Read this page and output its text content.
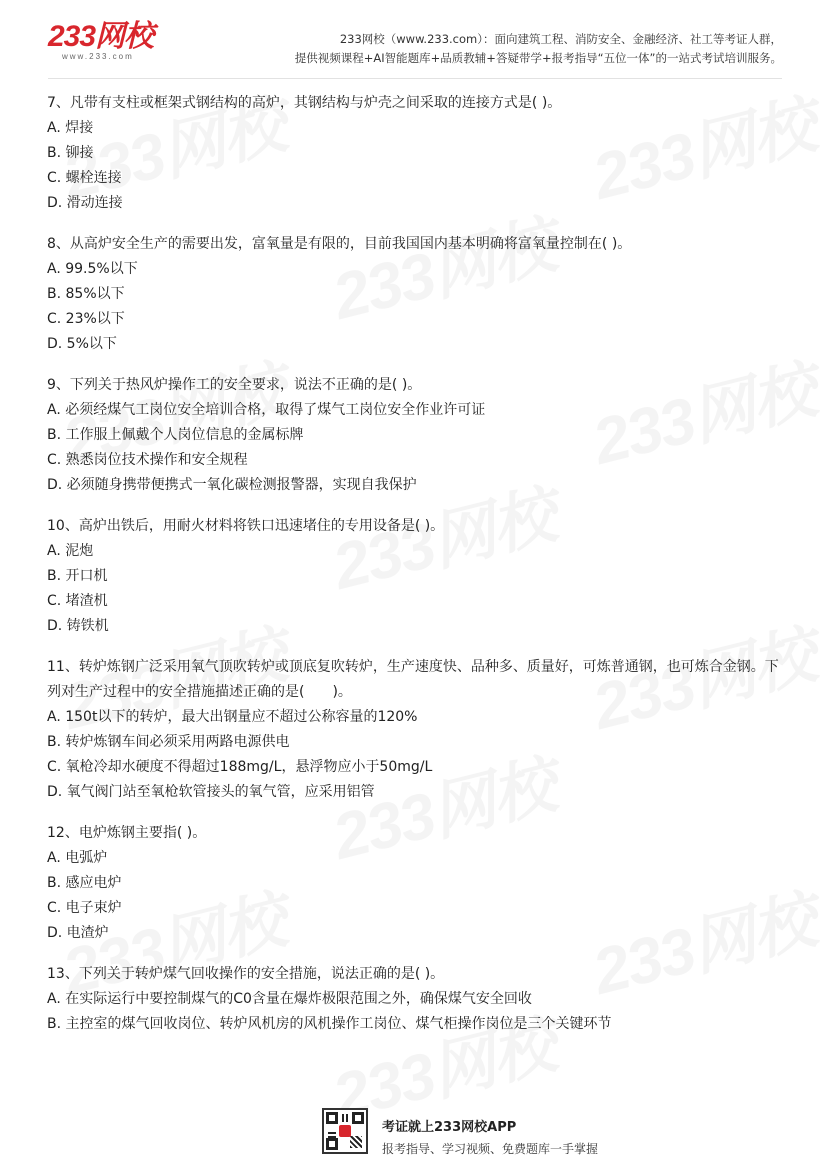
233网校
www.233.com
233网校（www.233.com）：面向建筑工程、消防安全、金融经济、社工等考证人群，
提供视频课程+AI智能题库+品质教辅+答疑带学+报考指导“五位一体”的一站式考试培训服务。

7、凡带有支柱或框架式钢结构的高炉，其钢结构与炉壳之间采取的连接方式是( )。

A. 焊接

B. 铆接

C. 螺栓连接

D. 滑动连接

8、从高炉安全生产的需要出发，富氧量是有限的，目前我国国内基本明确将富氧量控制在( )。

A. 99.5%以下

B. 85%以下

C. 23%以下

D. 5%以下

9、下列关于热风炉操作工的安全要求，说法不正确的是( )。

A. 必须经煤气工岗位安全培训合格，取得了煤气工岗位安全作业许可证

B. 工作服上佩戴个人岗位信息的金属标牌

C. 熟悉岗位技术操作和安全规程

D. 必须随身携带便携式一氧化碳检测报警器，实现自我保护

10、高炉出铁后，用耐火材料将铁口迅速堵住的专用设备是( )。

A. 泥炮

B. 开口机

C. 堵渣机

D. 铸铁机

11、转炉炼钢广泛采用氧气顶吹转炉或顶底复吹转炉，生产速度快、品种多、质量好，可炼普通钢，也可炼合金钢。下列对生产过程中的安全措施描述正确的是(　　)。

A. 150t以下的转炉，最大出钢量应不超过公称容量的120%

B. 转炉炼钢车间必须采用两路电源供电

C. 氧枪冷却水硬度不得超过188mg/L，悬浮物应小于50mg/L

D. 氧气阀门站至氧枪软管接头的氧气管，应采用铝管

12、电炉炼钢主要指( )。

A. 电弧炉

B. 感应电炉

C. 电子束炉

D. 电渣炉

13、下列关于转炉煤气回收操作的安全措施，说法正确的是( )。

A. 在实际运行中要控制煤气的C0含量在爆炸极限范围之外，确保煤气安全回收

B. 主控室的煤气回收岗位、转炉风机房的风机操作工岗位、煤气柜操作岗位是三个关键环节

考证就上233网校APP
报考指导、学习视频、免费题库一手掌握
